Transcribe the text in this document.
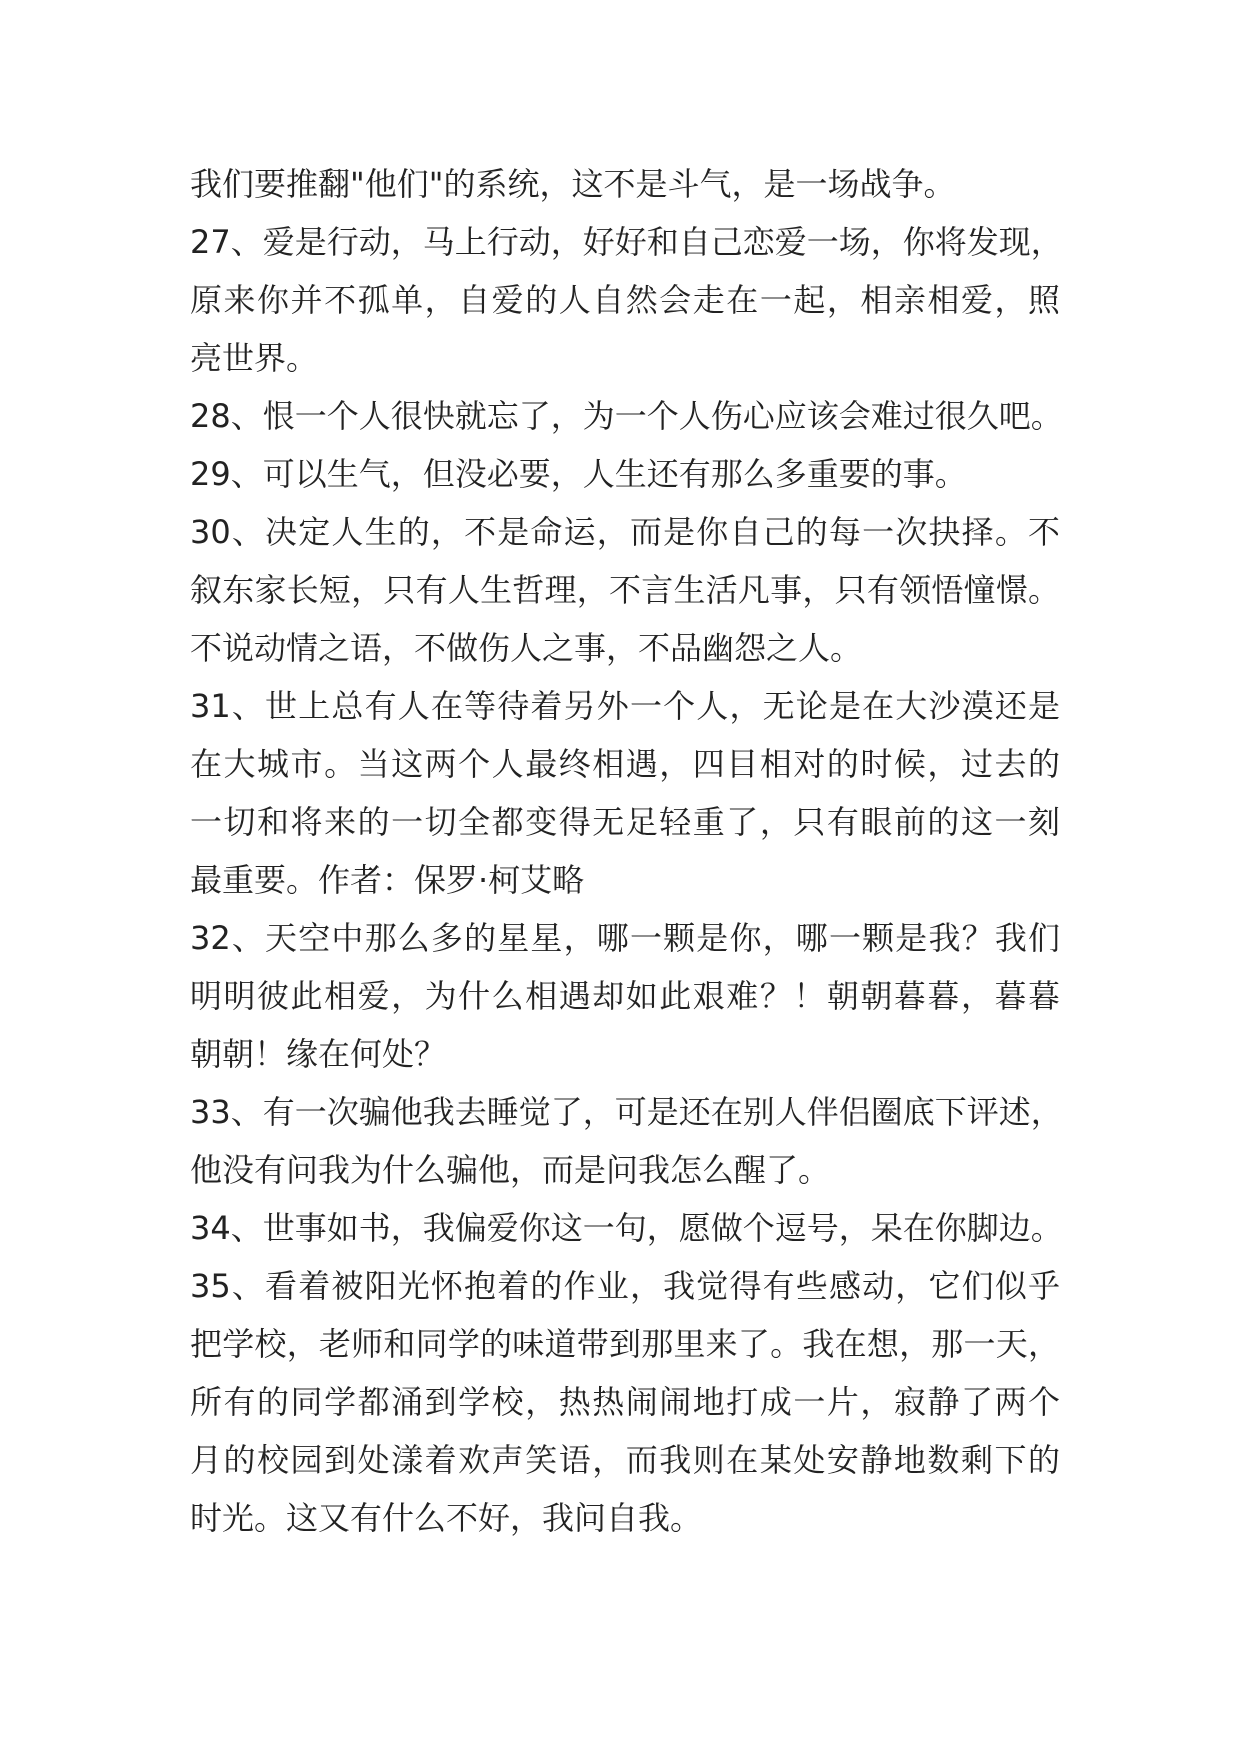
我们要推翻"他们"的系统，这不是斗气，是一场战争。
27、爱是行动，马上行动，好好和自己恋爱一场，你将发现，
原来你并不孤单，自爱的人自然会走在一起，相亲相爱，照
亮世界。
28、恨一个人很快就忘了，为一个人伤心应该会难过很久吧。
29、可以生气，但没必要，人生还有那么多重要的事。
30、决定人生的，不是命运，而是你自己的每一次抉择。不
叙东家长短，只有人生哲理，不言生活凡事，只有领悟憧憬。
不说动情之语，不做伤人之事，不品幽怨之人。
31、世上总有人在等待着另外一个人，无论是在大沙漠还是
在大城市。当这两个人最终相遇，四目相对的时候，过去的
一切和将来的一切全都变得无足轻重了，只有眼前的这一刻
最重要。作者：保罗·柯艾略
32、天空中那么多的星星，哪一颗是你，哪一颗是我？我们
明明彼此相爱，为什么相遇却如此艰难？！朝朝暮暮，暮暮
朝朝！缘在何处？
33、有一次骗他我去睡觉了，可是还在别人伴侣圈底下评述，
他没有问我为什么骗他，而是问我怎么醒了。
34、世事如书，我偏爱你这一句，愿做个逗号，呆在你脚边。
35、看着被阳光怀抱着的作业，我觉得有些感动，它们似乎
把学校，老师和同学的味道带到那里来了。我在想，那一天，
所有的同学都涌到学校，热热闹闹地打成一片，寂静了两个
月的校园到处漾着欢声笑语，而我则在某处安静地数剩下的
时光。这又有什么不好，我问自我。
